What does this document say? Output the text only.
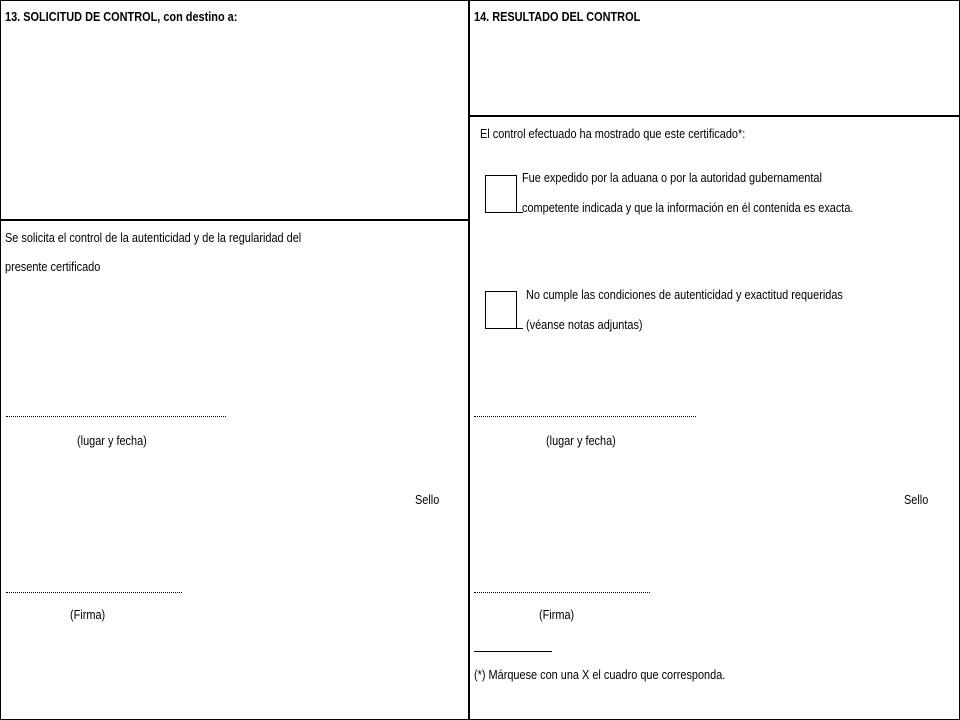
13. SOLICITUD DE CONTROL, con destino a:
Se solicita el control de la autenticidad y de la regularidad del
presente certificado
(lugar y fecha)
Sello
(Firma)
14. RESULTADO DEL CONTROL
El control efectuado ha mostrado que este certificado*:
Fue expedido por la aduana o por la autoridad gubernamental
competente indicada y que la información en él contenida es exacta.
No cumple las condiciones de autenticidad y exactitud requeridas
(véanse notas adjuntas)
(lugar y fecha)
Sello
(Firma)
(*) Márquese con una X el cuadro que corresponda.
